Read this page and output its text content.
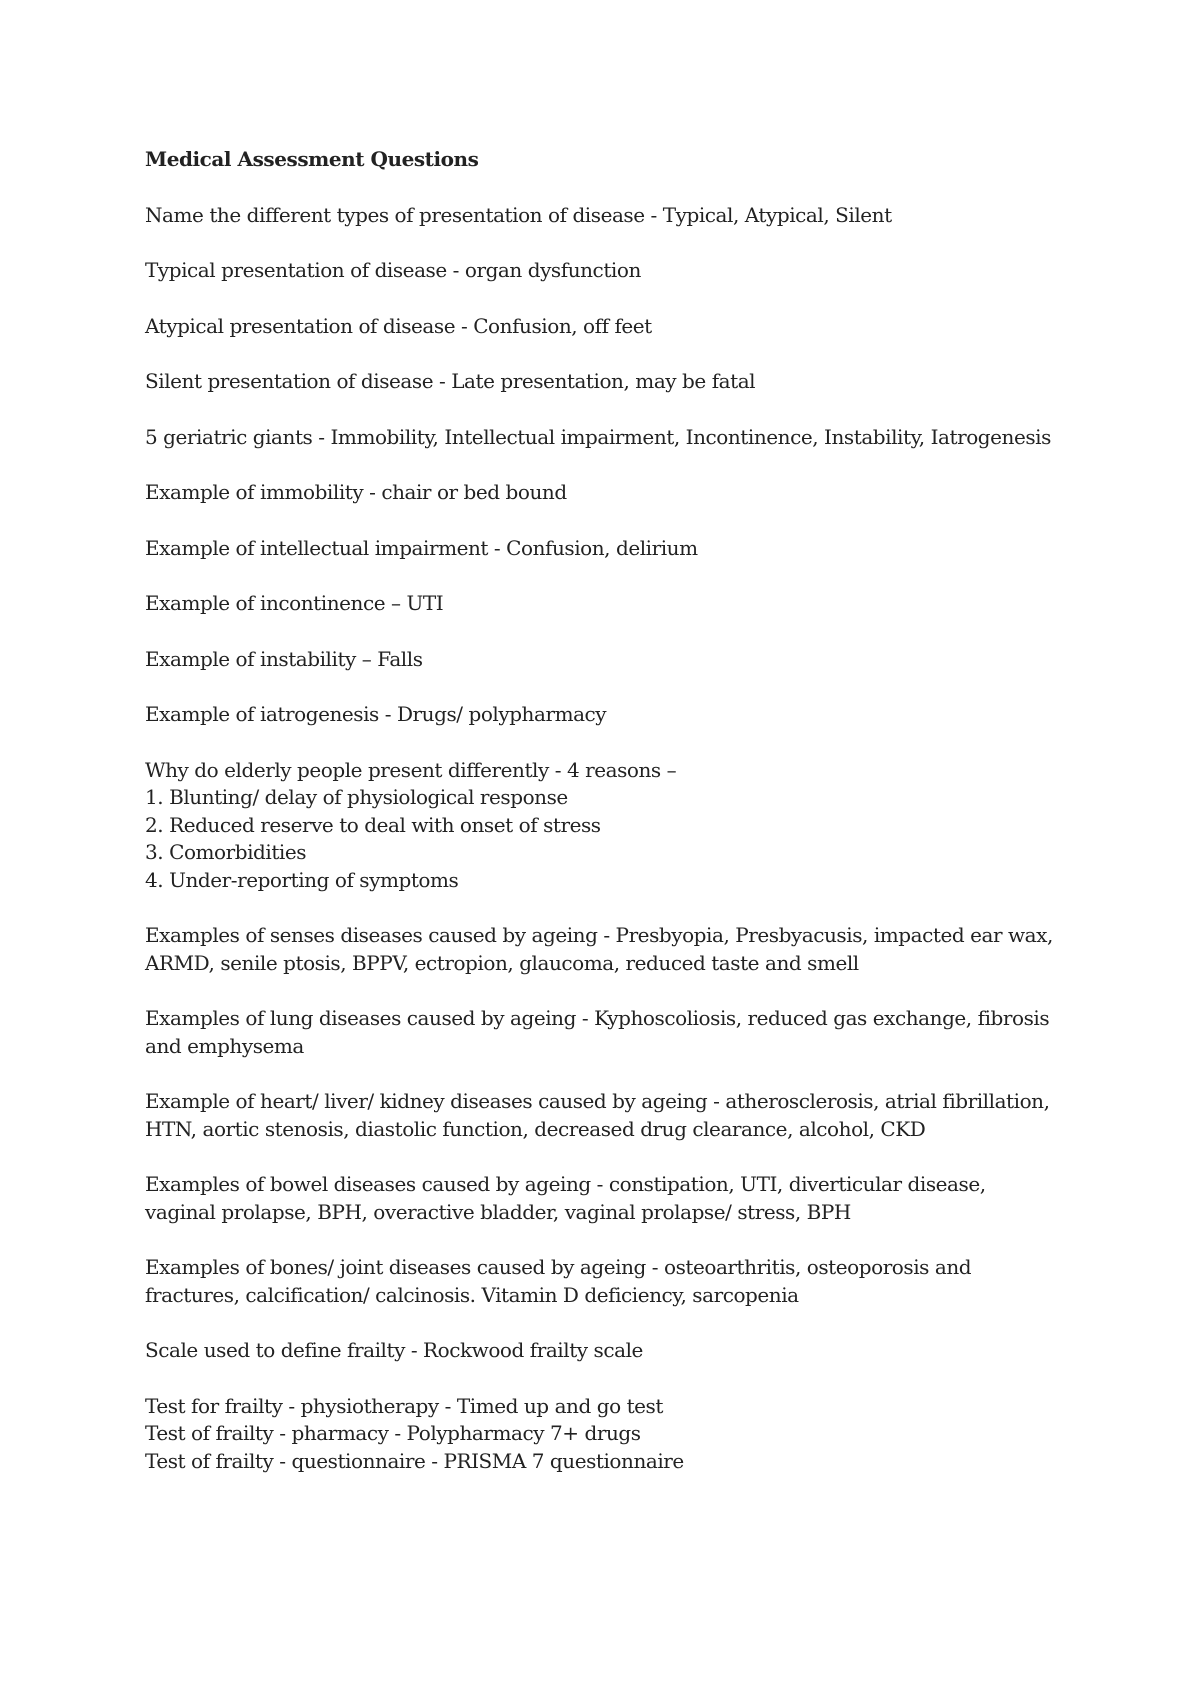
Medical Assessment Questions
Name the different types of presentation of disease - Typical, Atypical, Silent
Typical presentation of disease - organ dysfunction
Atypical presentation of disease - Confusion, off feet
Silent presentation of disease - Late presentation, may be fatal
5 geriatric giants - Immobility, Intellectual impairment, Incontinence, Instability, Iatrogenesis
Example of immobility - chair or bed bound
Example of intellectual impairment - Confusion, delirium
Example of incontinence – UTI
Example of instability – Falls
Example of iatrogenesis - Drugs/ polypharmacy
Why do elderly people present differently - 4 reasons –
1. Blunting/ delay of physiological response
2. Reduced reserve to deal with onset of stress
3. Comorbidities
4. Under-reporting of symptoms
Examples of senses diseases caused by ageing - Presbyopia, Presbyacusis, impacted ear wax,
ARMD, senile ptosis, BPPV, ectropion, glaucoma, reduced taste and smell
Examples of lung diseases caused by ageing - Kyphoscoliosis, reduced gas exchange, fibrosis
and emphysema
Example of heart/ liver/ kidney diseases caused by ageing - atherosclerosis, atrial fibrillation,
HTN, aortic stenosis, diastolic function, decreased drug clearance, alcohol, CKD
Examples of bowel diseases caused by ageing - constipation, UTI, diverticular disease,
vaginal prolapse, BPH, overactive bladder, vaginal prolapse/ stress, BPH
Examples of bones/ joint diseases caused by ageing - osteoarthritis, osteoporosis and
fractures, calcification/ calcinosis. Vitamin D deficiency, sarcopenia
Scale used to define frailty - Rockwood frailty scale
Test for frailty - physiotherapy - Timed up and go test
Test of frailty - pharmacy - Polypharmacy 7+ drugs
Test of frailty - questionnaire - PRISMA 7 questionnaire
